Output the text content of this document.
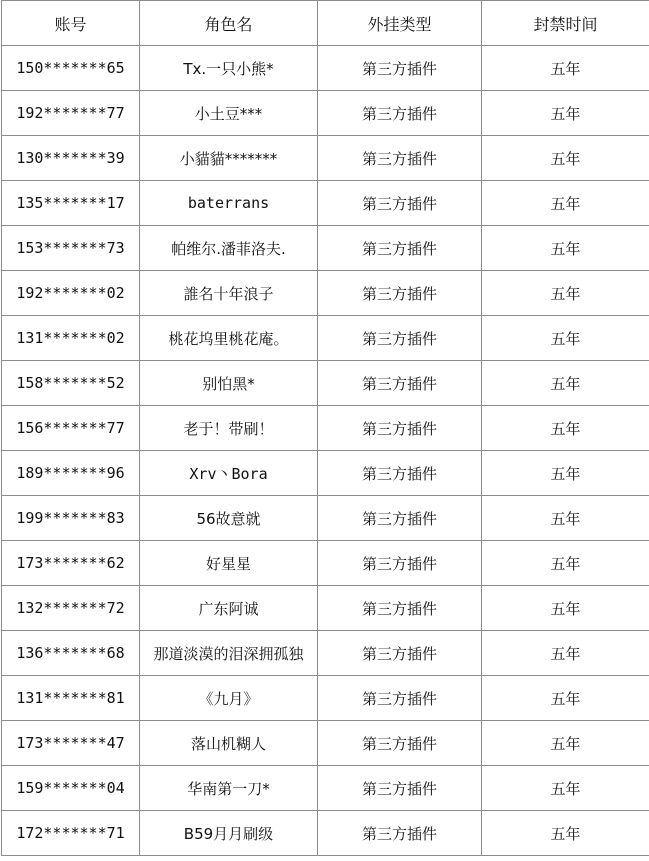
账号	角色名	外挂类型	封禁时间
150*******65	Tx.一只小熊*	第三方插件	五年
192*******77	小土豆***	第三方插件	五年
130*******39	小貓貓*******	第三方插件	五年
135*******17	baterrans	第三方插件	五年
153*******73	帕维尔.潘菲洛夫.	第三方插件	五年
192*******02	誰名十年浪子	第三方插件	五年
131*******02	桃花坞里桃花庵。	第三方插件	五年
158*******52	别怕黑*	第三方插件	五年
156*******77	老于！带刷！	第三方插件	五年
189*******96	Xrv丶Bora	第三方插件	五年
199*******83	56故意就	第三方插件	五年
173*******62	好星星	第三方插件	五年
132*******72	广东阿诚	第三方插件	五年
136*******68	那道淡漠的泪深拥孤独	第三方插件	五年
131*******81	《九月》	第三方插件	五年
173*******47	落山机糊人	第三方插件	五年
159*******04	华南第一刀*	第三方插件	五年
172*******71	B59月月刷级	第三方插件	五年
